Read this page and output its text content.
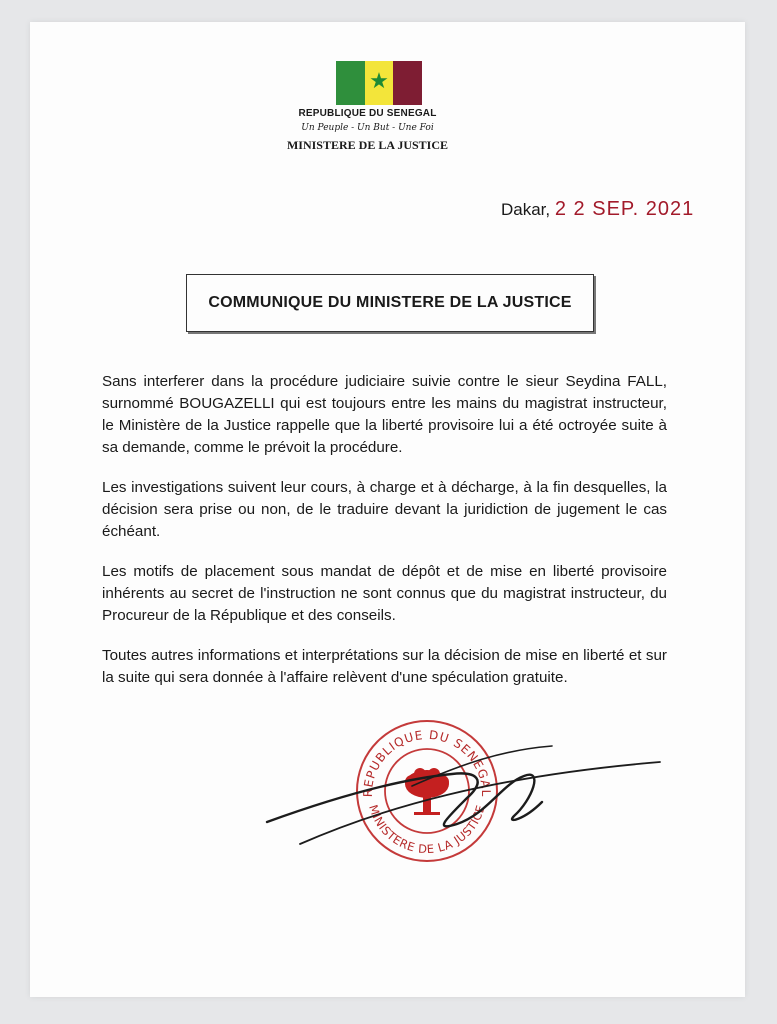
★
REPUBLIQUE DU SENEGAL
Un Peuple - Un But - Une Foi
MINISTERE DE LA JUSTICE
Dakar, 2 2 SEP. 2021
COMMUNIQUE DU MINISTERE DE LA JUSTICE

Sans interferer dans la procédure judiciaire suivie contre le sieur Seydina FALL, surnommé BOUGAZELLI qui est toujours entre les mains du magistrat instructeur, le Ministère de la Justice rappelle que la liberté provisoire lui a été octroyée suite à sa demande, comme le prévoit la procédure.

Les investigations suivent leur cours, à charge et à décharge, à la fin desquelles, la décision sera prise ou non, de le traduire devant la juridiction de jugement le cas échéant.

Les motifs de placement sous mandat de dépôt et de mise en liberté provisoire inhérents au secret de l'instruction ne sont connus que du magistrat instructeur, du Procureur de la République et des conseils.

Toutes autres informations et interprétations sur la décision de mise en liberté et sur la suite qui sera donnée à l'affaire relèvent d'une spéculation gratuite.

REPUBLIQUE DU SENEGAL
MINISTERE DE LA JUSTICE
